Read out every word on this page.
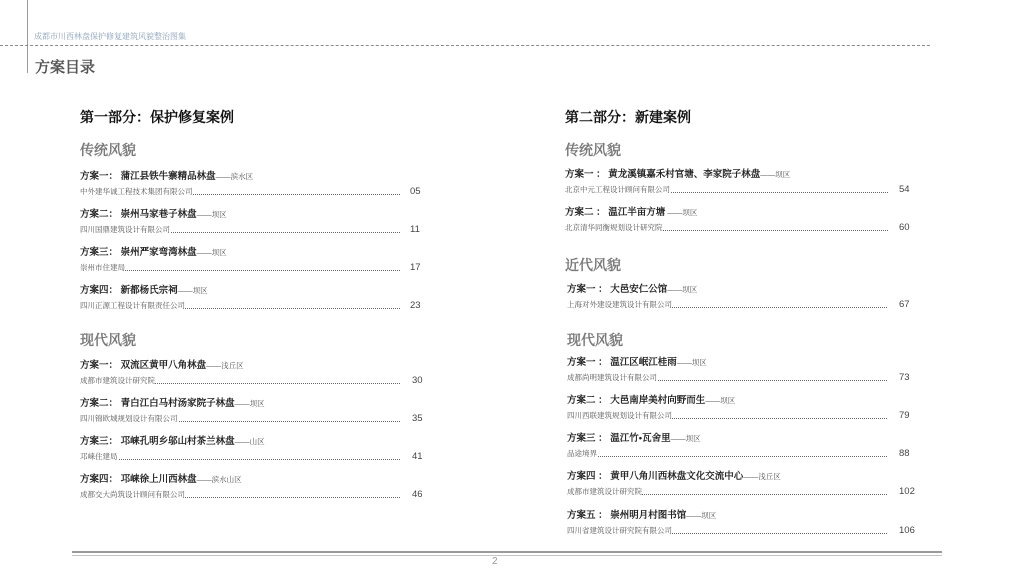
成都市川西林盘保护修复建筑风貌整治图集
方案目录
第一部分：保护修复案例	第二部分：新建案例
传统风貌
现代风貌
传统风貌
近代风貌
现代风貌
方案一： 蒲江县铁牛寨精品林盘——滨水区
中外建华诚工程技术集团有限公司	05
方案二： 崇州马家巷子林盘——坝区
四川国鼎建筑设计有限公司	11
方案三： 崇州严家弯湾林盘——坝区
崇州市住建局	17
方案四： 新都杨氏宗祠——坝区
四川正源工程设计有限责任公司	23
方案一： 双流区黄甲八角林盘——浅丘区
成都市建筑设计研究院	30
方案二： 青白江白马村汤家院子林盘——坝区
四川锦欧城规划设计有限公司	35
方案三： 邛崃孔明乡邬山村茶兰林盘——山区
邛崃住建局	41
方案四： 邛崃徐上川西林盘——滨水山区
成都交大尚筑设计顾问有限公司	46
方案一 ： 黄龙溪镇嘉禾村官塘、李家院子林盘——坝区
北京中元工程设计顾问有限公司	54
方案二 ： 温江半亩方塘 ——坝区
北京清华同衡规划设计研究院	60
方案一 ： 大邑安仁公馆——坝区
上海对外建设建筑设计有限公司	67
方案一 ： 温江区岷江桂雨——坝区
成都尚明建筑设计有限公司	73
方案二 ： 大邑南岸美村向野而生——坝区
四川西联建筑规划设计有限公司	79
方案三 ： 温江竹•瓦舍里——坝区
品途境界	88
方案四 ： 黄甲八角川西林盘文化交流中心——浅丘区
成都市建筑设计研究院	102
方案五 ： 崇州明月村图书馆——坝区
四川省建筑设计研究院有限公司	106
2
